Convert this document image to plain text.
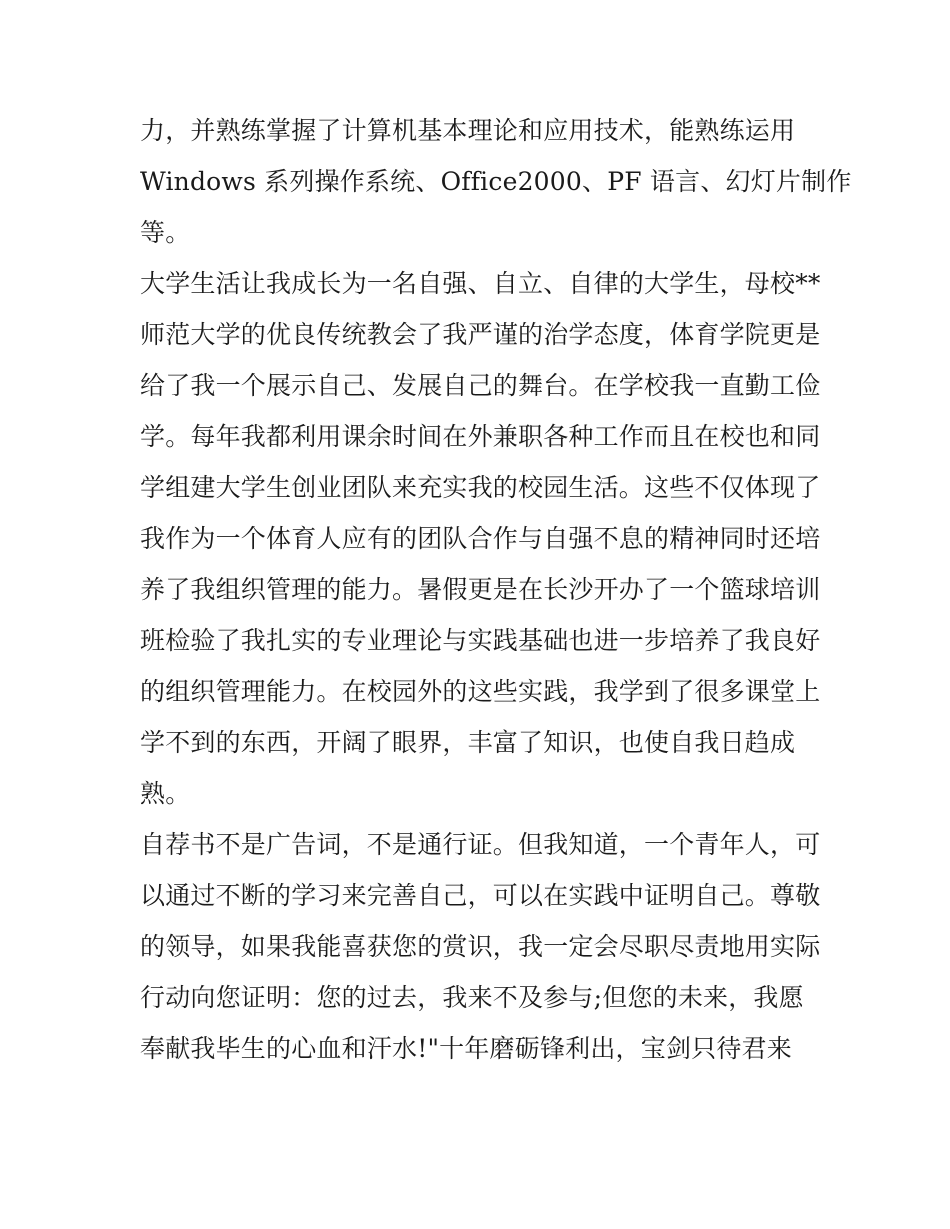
力，并熟练掌握了计算机基本理论和应用技术，能熟练运用
Windows 系列操作系统、Office2000、PF 语言、幻灯片制作
等。
大学生活让我成长为一名自强、自立、自律的大学生，母校**
师范大学的优良传统教会了我严谨的治学态度，体育学院更是
给了我一个展示自己、发展自己的舞台。在学校我一直勤工俭
学。每年我都利用课余时间在外兼职各种工作而且在校也和同
学组建大学生创业团队来充实我的校园生活。这些不仅体现了
我作为一个体育人应有的团队合作与自强不息的精神同时还培
养了我组织管理的能力。暑假更是在长沙开办了一个篮球培训
班检验了我扎实的专业理论与实践基础也进一步培养了我良好
的组织管理能力。在校园外的这些实践，我学到了很多课堂上
学不到的东西，开阔了眼界，丰富了知识，也使自我日趋成
熟。
自荐书不是广告词，不是通行证。但我知道，一个青年人，可
以通过不断的学习来完善自己，可以在实践中证明自己。尊敬
的领导，如果我能喜获您的赏识，我一定会尽职尽责地用实际
行动向您证明：您的过去，我来不及参与;但您的未来，我愿
奉献我毕生的心血和汗水!"十年磨砺锋利出，宝剑只待君来
